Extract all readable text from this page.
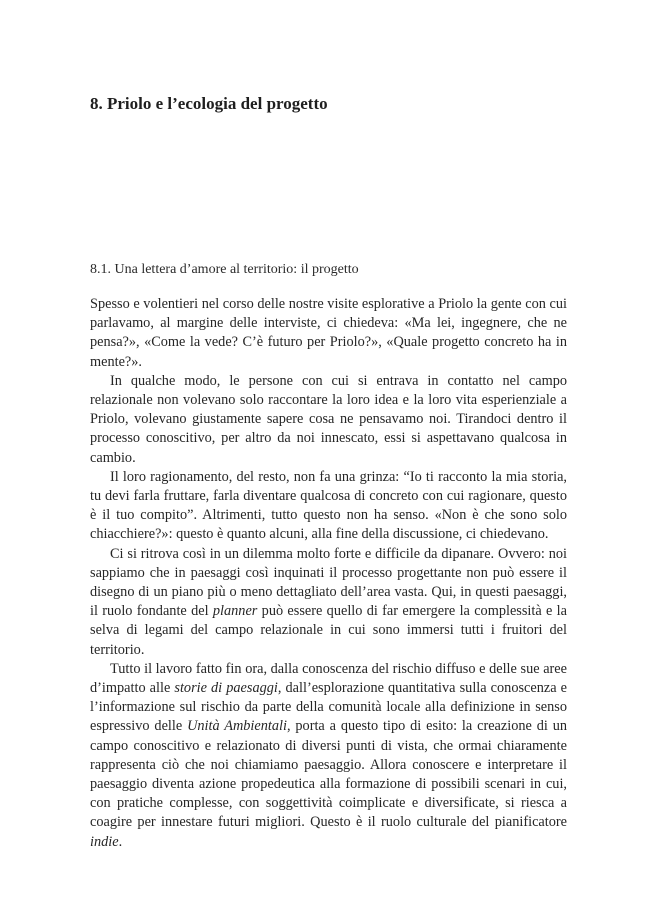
8. Priolo e l’ecologia del progetto
8.1. Una lettera d’amore al territorio: il progetto

Spesso e volentieri nel corso delle nostre visite esplorative a Priolo la gente con cui parlavamo, al margine delle interviste, ci chiedeva: «Ma lei, ingegnere, che ne pensa?», «Come la vede? C’è futuro per Priolo?», «Quale progetto concreto ha in mente?».

In qualche modo, le persone con cui si entrava in contatto nel campo relazionale non volevano solo raccontare la loro idea e la loro vita esperienziale a Priolo, volevano giustamente sapere cosa ne pensavamo noi. Tirandoci dentro il processo conoscitivo, per altro da noi innescato, essi si aspettavano qualcosa in cambio.

Il loro ragionamento, del resto, non fa una grinza: “Io ti racconto la mia storia, tu devi farla fruttare, farla diventare qualcosa di concreto con cui ragionare, questo è il tuo compito”. Altrimenti, tutto questo non ha senso. «Non è che sono solo chiacchiere?»: questo è quanto alcuni, alla fine della discussione, ci chiedevano.

Ci si ritrova così in un dilemma molto forte e difficile da dipanare. Ovvero: noi sappiamo che in paesaggi così inquinati il processo progettante non può essere il disegno di un piano più o meno dettagliato dell’area vasta. Qui, in questi paesaggi, il ruolo fondante del planner può essere quello di far emergere la complessità e la selva di legami del campo relazionale in cui sono immersi tutti i fruitori del territorio.

Tutto il lavoro fatto fin ora, dalla conoscenza del rischio diffuso e delle sue aree d’impatto alle storie di paesaggi, dall’esplorazione quantitativa sulla conoscenza e l’informazione sul rischio da parte della comunità locale alla definizione in senso espressivo delle Unità Ambientali, porta a questo tipo di esito: la creazione di un campo conoscitivo e relazionato di diversi punti di vista, che ormai chiaramente rappresenta ciò che noi chiamiamo paesaggio. Allora conoscere e interpretare il paesaggio diventa azione propedeutica alla formazione di possibili scenari in cui, con pratiche complesse, con soggettività coimplicate e diversificate, si riesca a coagire per innestare futuri migliori. Questo è il ruolo culturale del pianificatore indie.
